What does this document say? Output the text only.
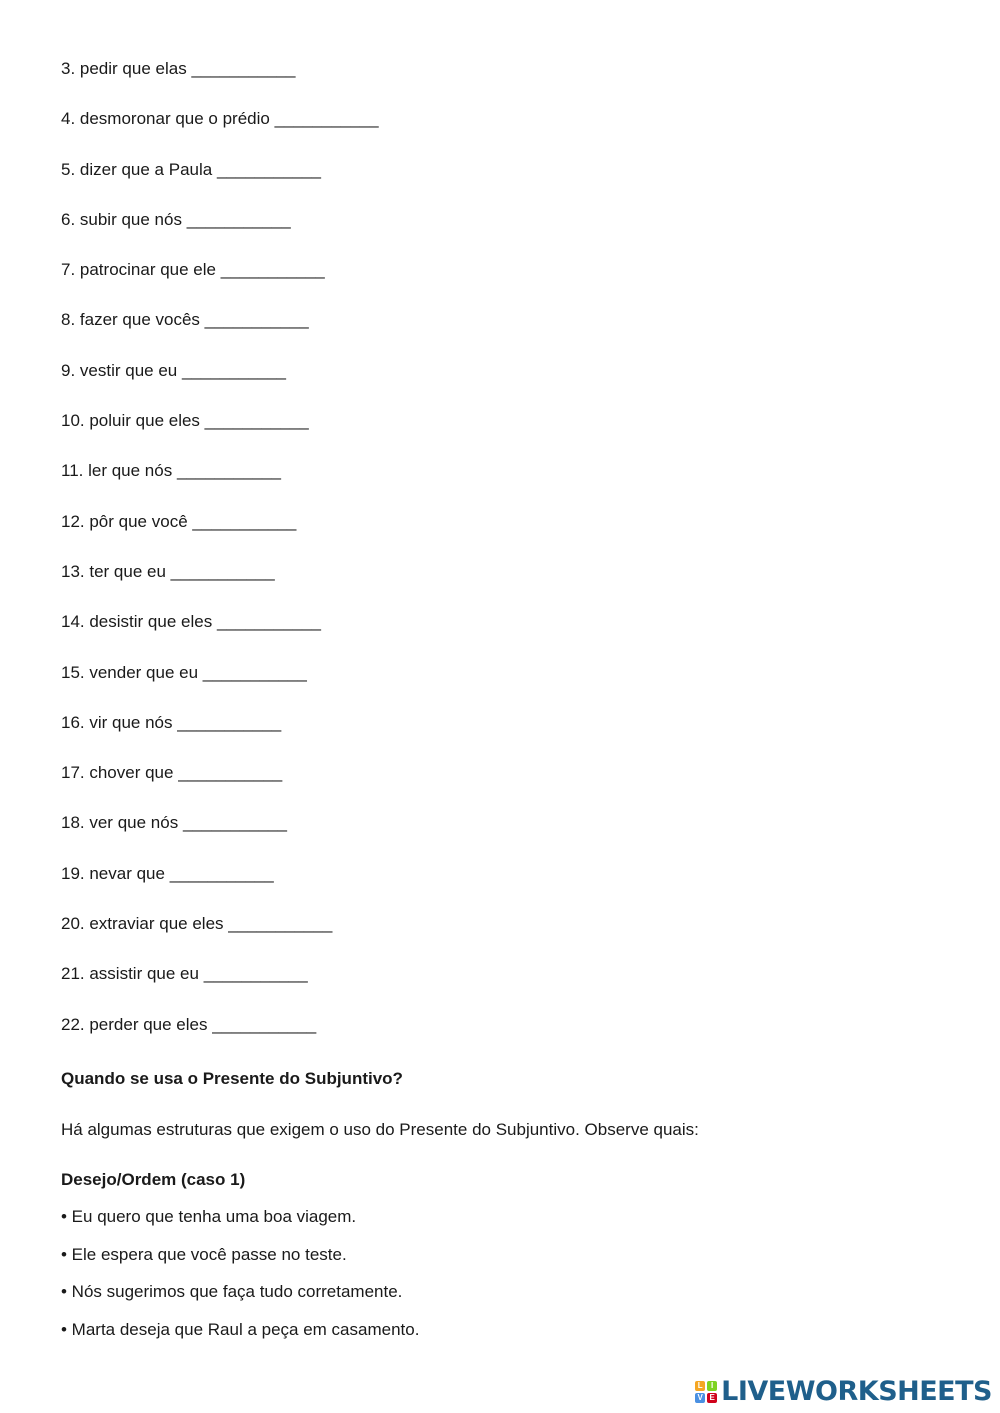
3. pedir que elas ___________
4. desmoronar que o prédio ___________
5. dizer que a Paula ___________
6. subir que nós ___________
7. patrocinar que ele ___________
8. fazer que vocês ___________
9. vestir que eu ___________
10. poluir que eles ___________
11. ler que nós ___________
12. pôr que você ___________
13. ter que eu ___________
14. desistir que eles ___________
15. vender que eu ___________
16. vir que nós ___________
17. chover que ___________
18. ver que nós ___________
19. nevar que ___________
20. extraviar que eles ___________
21. assistir que eu ___________
22. perder que eles ___________

Quando se usa o Presente do Subjuntivo?

Há algumas estruturas que exigem o uso do Presente do Subjuntivo. Observe quais:

Desejo/Ordem (caso 1)

• Eu quero que tenha uma boa viagem.
• Ele espera que você passe no teste.
• Nós sugerimos que faça tudo corretamente.
• Marta deseja que Raul a peça em casamento.
L	I
V E LIVEWORKSHEETS
